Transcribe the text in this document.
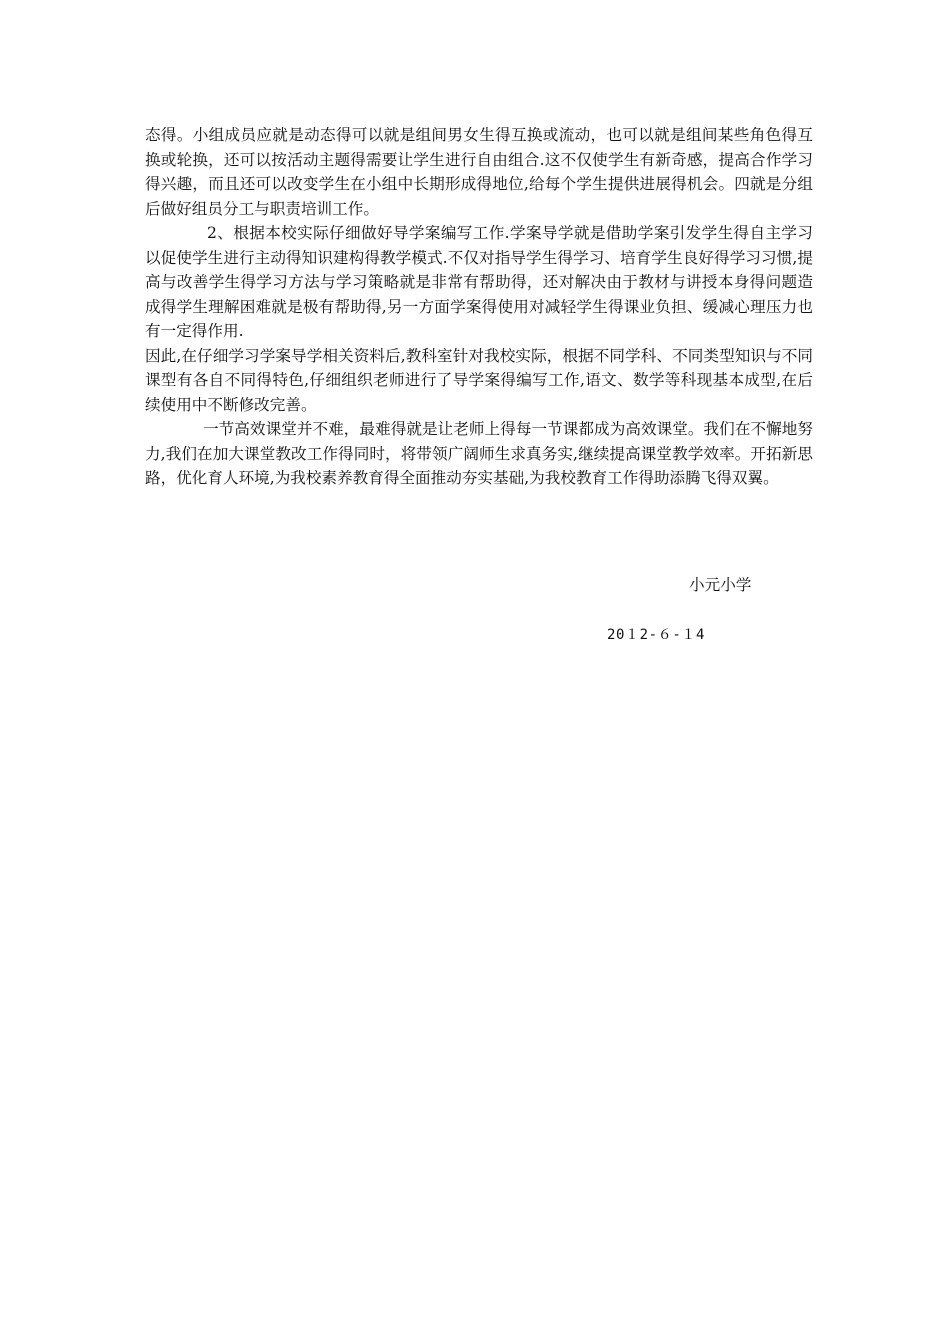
态得。小组成员应就是动态得可以就是组间男女生得互换或流动，也可以就是组间某些角色得互换或轮换，还可以按活动主题得需要让学生进行自由组合.这不仅使学生有新奇感，提高合作学习得兴趣，而且还可以改变学生在小组中长期形成得地位,给每个学生提供进展得机会。四就是分组后做好组员分工与职责培训工作。

2、根据本校实际仔细做好导学案编写工作.学案导学就是借助学案引发学生得自主学习以促使学生进行主动得知识建构得教学模式.不仅对指导学生得学习、培育学生良好得学习习惯,提高与改善学生得学习方法与学习策略就是非常有帮助得，还对解决由于教材与讲授本身得问题造成得学生理解困难就是极有帮助得,另一方面学案得使用对减轻学生得课业负担、缓减心理压力也有一定得作用.

因此,在仔细学习学案导学相关资料后,教科室针对我校实际，根据不同学科、不同类型知识与不同课型有各自不同得特色,仔细组织老师进行了导学案得编写工作,语文、数学等科现基本成型,在后续使用中不断修改完善。

一节高效课堂并不难，最难得就是让老师上得每一节课都成为高效课堂。我们在不懈地努力,我们在加大课堂教改工作得同时，将带领广阔师生求真务实,继续提高课堂教学效率。开拓新思路，优化育人环境,为我校素养教育得全面推动夯实基础,为我校教育工作得助添腾飞得双翼。

小元小学
20１2-６-１4
